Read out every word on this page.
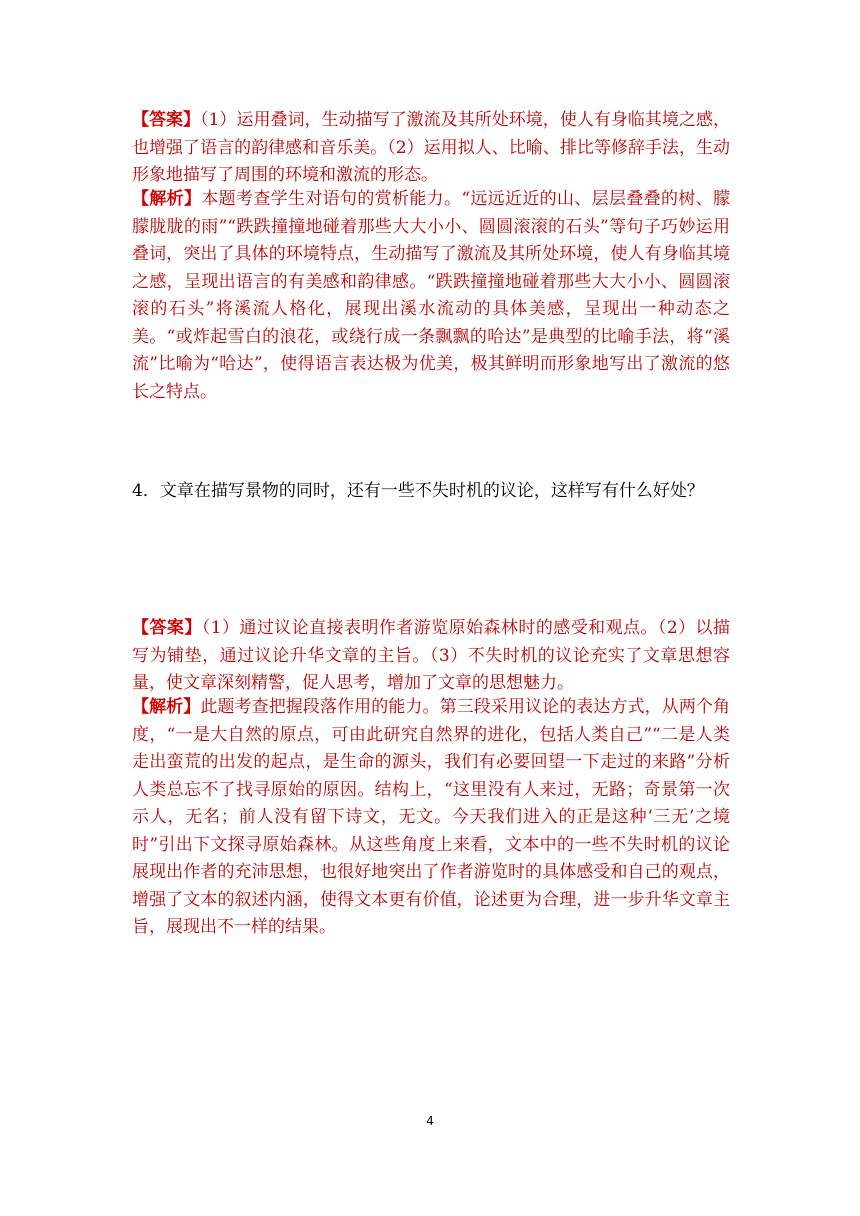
【答案】（1）运用叠词，生动描写了激流及其所处环境，使人有身临其境之感，也增强了语言的韵律感和音乐美。（2）运用拟人、比喻、排比等修辞手法，生动形象地描写了周围的环境和激流的形态。
【解析】本题考查学生对语句的赏析能力。“远远近近的山、层层叠叠的树、朦朦胧胧的雨”“跌跌撞撞地碰着那些大大小小、圆圆滚滚的石头”等句子巧妙运用叠词，突出了具体的环境特点，生动描写了激流及其所处环境，使人有身临其境之感，呈现出语言的有美感和韵律感。“跌跌撞撞地碰着那些大大小小、圆圆滚滚的石头”将溪流人格化，展现出溪水流动的具体美感，呈现出一种动态之美。“或炸起雪白的浪花，或绕行成一条飘飘的哈达”是典型的比喻手法，将“溪流”比喻为“哈达”，使得语言表达极为优美，极其鲜明而形象地写出了激流的悠长之特点。
4．文章在描写景物的同时，还有一些不失时机的议论，这样写有什么好处？
【答案】（1）通过议论直接表明作者游览原始森林时的感受和观点。（2）以描写为铺垫，通过议论升华文章的主旨。（3）不失时机的议论充实了文章思想容量，使文章深刻精警，促人思考，增加了文章的思想魅力。
【解析】此题考查把握段落作用的能力。第三段采用议论的表达方式，从两个角度，“一是大自然的原点，可由此研究自然界的进化，包括人类自己”“二是人类走出蛮荒的出发的起点，是生命的源头，我们有必要回望一下走过的来路”分析人类总忘不了找寻原始的原因。结构上，“这里没有人来过，无路；奇景第一次示人，无名；前人没有留下诗文，无文。今天我们进入的正是这种‘三无’之境时”引出下文探寻原始森林。从这些角度上来看，文本中的一些不失时机的议论展现出作者的充沛思想，也很好地突出了作者游览时的具体感受和自己的观点，增强了文本的叙述内涵，使得文本更有价值，论述更为合理，进一步升华文章主旨，展现出不一样的结果。
4
